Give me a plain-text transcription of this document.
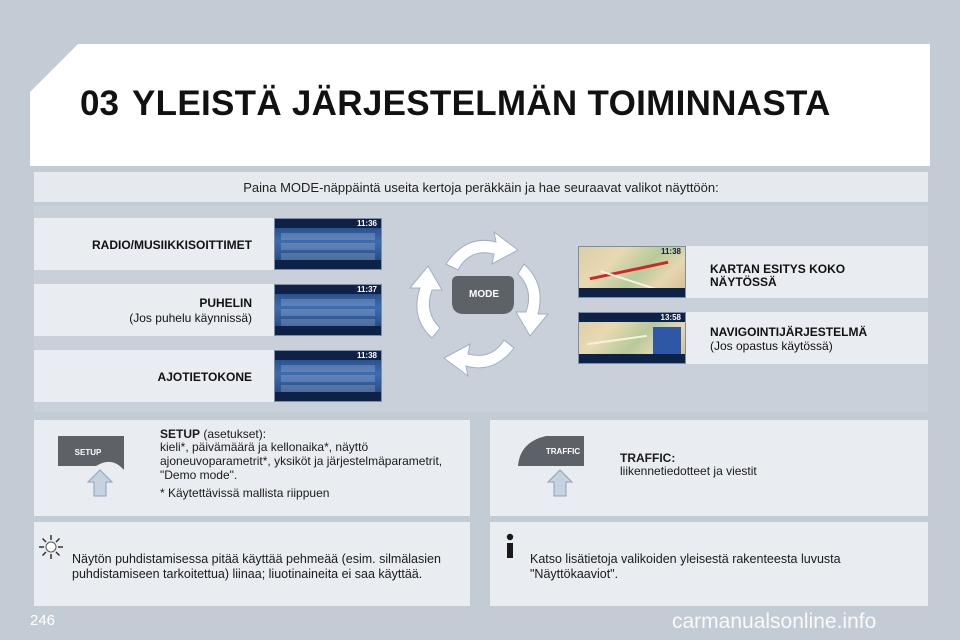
03 YLEISTÄ JÄRJESTELMÄN TOIMINNASTA
Paina MODE-näppäintä useita kertoja peräkkäin ja hae seuraavat valikot näyttöön:
RADIO/MUSIIKKISOITTIMET
11:36
PUHELIN
(Jos puhelu käynnissä)
11:37
AJOTIETOKONE
11:38
11:38
KARTAN ESITYS KOKO
NÄYTÖSSÄ
13:58
NAVIGOINTIJÄRJESTELMÄ
(Jos opastus käytössä)
MODE
SETUP
SETUP (asetukset):
kieli*, päivämäärä ja kellonaika*, näyttö
ajoneuvoparametrit*, yksiköt ja järjestelmäparametrit,
"Demo mode".
* Käytettävissä mallista riippuen
TRAFFIC	TRAFFIC:
liikennetiedotteet ja viestit
Näytön puhdistamisessa pitää käyttää pehmeää (esim. silmälasien
puhdistamiseen tarkoitettua) liinaa; liuotinaineita ei saa käyttää.
Katso lisätietoja valikoiden yleisestä rakenteesta luvusta
"Näyttökaaviot".
246	carmanualsonline.info
